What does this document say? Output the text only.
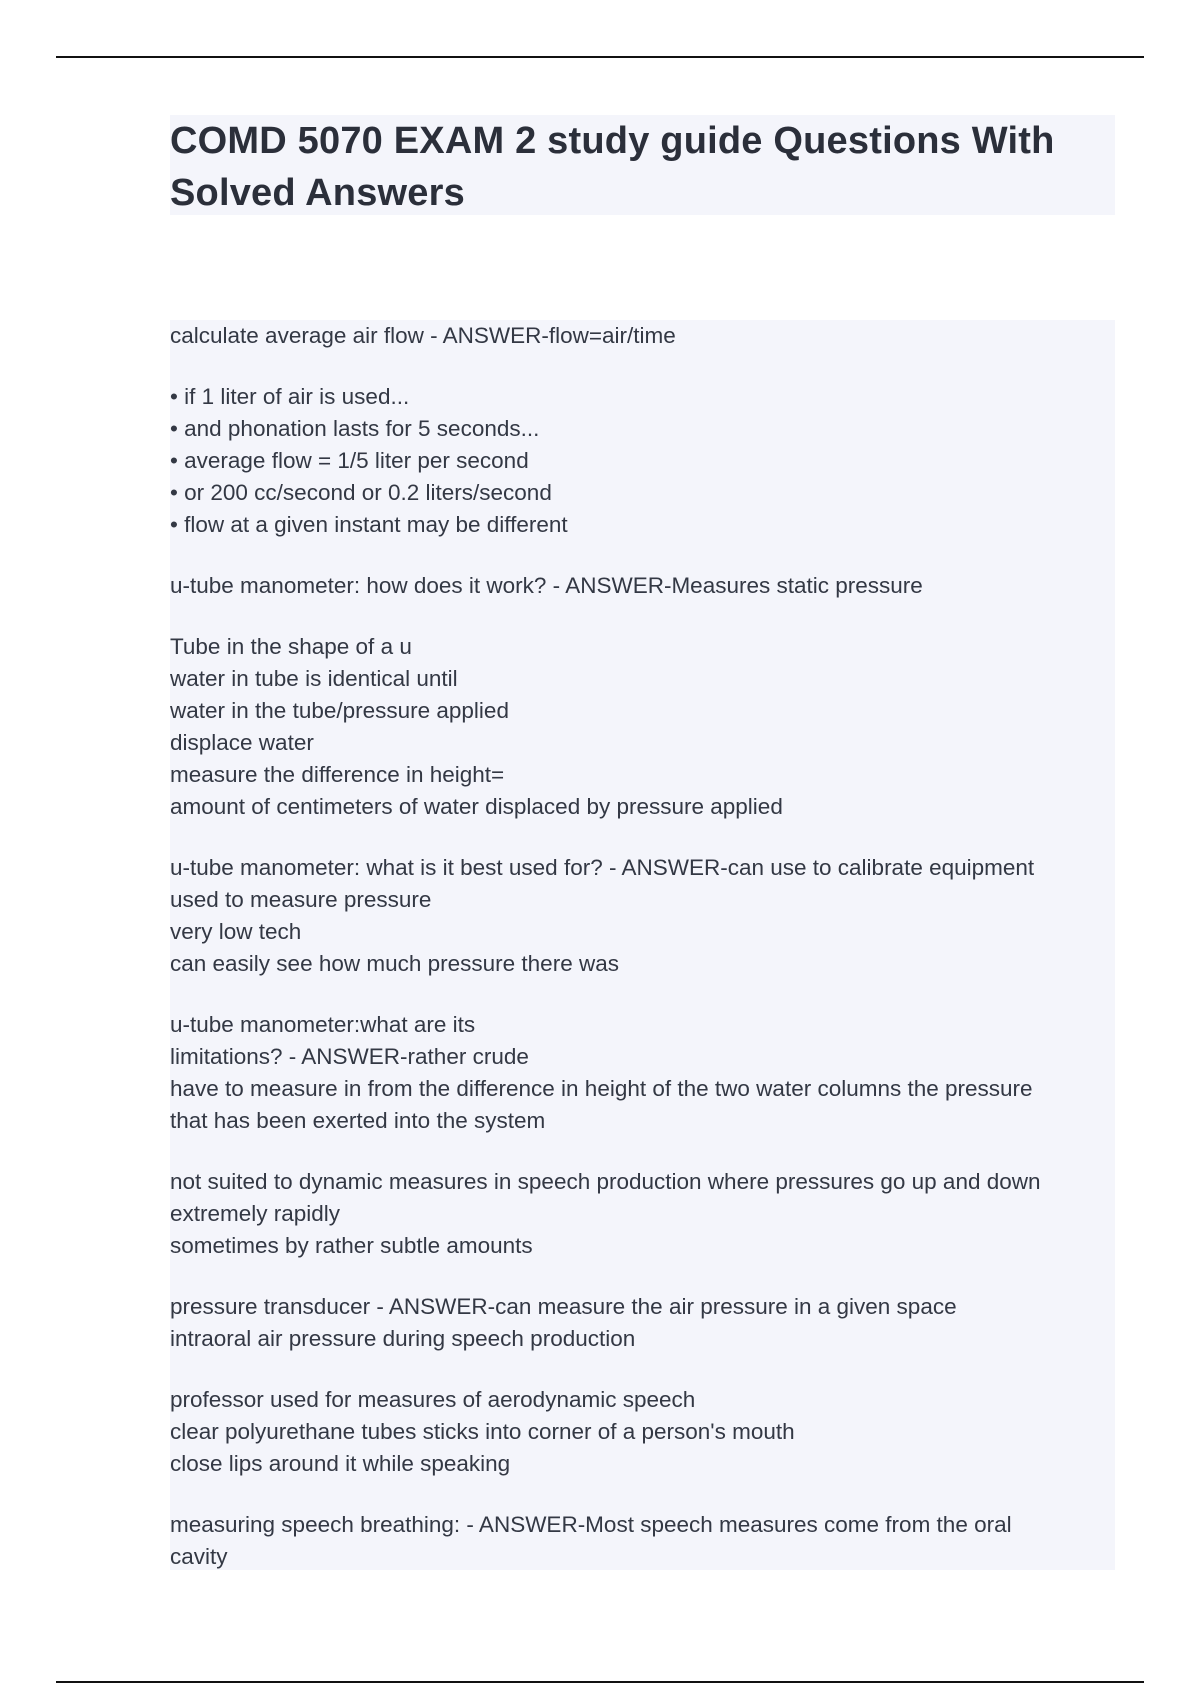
COMD 5070 EXAM 2 study guide Questions With
Solved Answers
calculate average air flow - ANSWER-flow=air/time
• if 1 liter of air is used...
• and phonation lasts for 5 seconds...
• average flow = 1/5 liter per second
• or 200 cc/second or 0.2 liters/second
• flow at a given instant may be different
u-tube manometer: how does it work? - ANSWER-Measures static pressure
Tube in the shape of a u
water in tube is identical until
water in the tube/pressure applied
displace water
measure the difference in height=
amount of centimeters of water displaced by pressure applied
u-tube manometer: what is it best used for? - ANSWER-can use to calibrate equipment
used to measure pressure
very low tech
can easily see how much pressure there was
u-tube manometer:what are its
limitations? - ANSWER-rather crude
have to measure in from the difference in height of the two water columns the pressure
that has been exerted into the system
not suited to dynamic measures in speech production where pressures go up and down
extremely rapidly
sometimes by rather subtle amounts
pressure transducer - ANSWER-can measure the air pressure in a given space
intraoral air pressure during speech production
professor used for measures of aerodynamic speech
clear polyurethane tubes sticks into corner of a person's mouth
close lips around it while speaking
measuring speech breathing: - ANSWER-Most speech measures come from the oral
cavity
